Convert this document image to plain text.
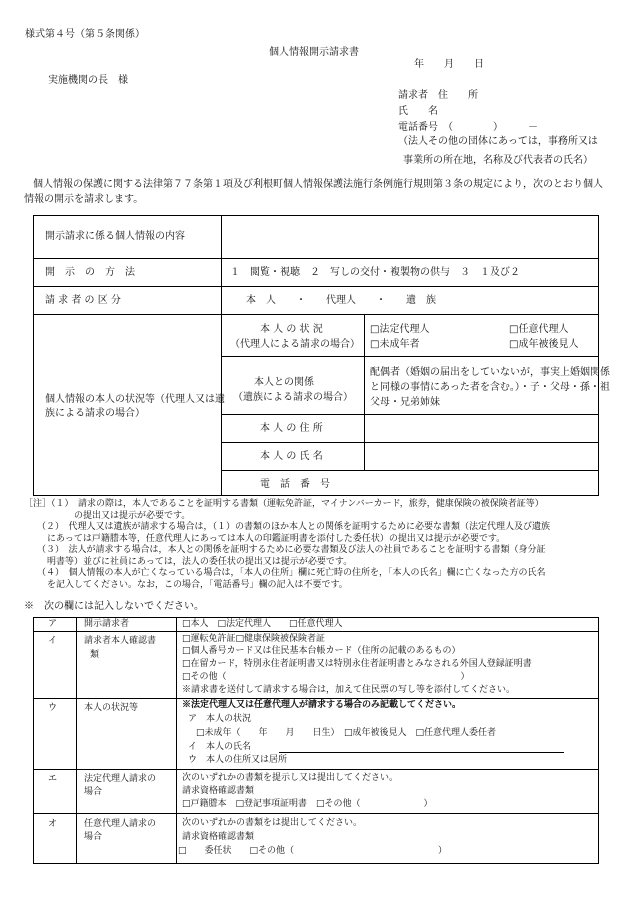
様式第４号（第５条関係）
個人情報開示請求書
年　　月　　日
実施機関の長　様
請求者　住　　所
氏　　名
電話番号　（　　　　）　　　－
（法人その他の団体にあっては，事務所又は
事業所の所在地，名称及び代表者の氏名）
個人情報の保護に関する法律第７７条第１項及び利根町個人情報保護法施行条例施行規則第３条の規定により，次のとおり個人
情報の開示を請求します。
開示請求に係る個人情報の内容
開　示　の　方　法	１　閲覧・視聴　２　写しの交付・複製物の供与　３　１及び２
請 求 者 の 区 分	本　人　　・　　代理人　　・　　遺　族
個人情報の本人の状況等（代理人又は遺
族による請求の場合）
本 人 の 状 況
（代理人による請求の場合）
□法定代理人	□任意代理人
□未成年者	□成年被後見人
本人との関係
（遺族による請求の場合）
配偶者（婚姻の届出をしていないが，事実上婚姻関係
と同様の事情にあった者を含む。）・子・父母・孫・祖
父母・兄弟姉妹
本 人 の 住 所
本 人 の 氏 名
電　話　番　号
［注］（１）　請求の際は，本人であることを証明する書類（運転免許証，マイナンバーカード，旅券，健康保険の被保険者証等）
の提出又は提示が必要です。
（２）　代理人又は遺族が請求する場合は，（１）の書類のほか本人との関係を証明するために必要な書類（法定代理人及び遺族
にあっては戸籍謄本等，任意代理人にあっては本人の印鑑証明書を添付した委任状）の提出又は提示が必要です。
（３）　法人が請求する場合は，本人との関係を証明するために必要な書類及び法人の社員であることを証明する書類（身分証
明書等）並びに社員にあっては，法人の委任状の提出又は提示が必要です。
（４）　個人情報の本人が亡くなっている場合は，「本人の住所」欄に死亡時の住所を，「本人の氏名」欄に亡くなった方の氏名
を記入してください。なお，この場合，「電話番号」欄の記入は不要です。
※　次の欄には記入しないでください。
ア	開示請求者	□本人　□法定代理人　　□任意代理人
イ	請求者本人確認書
類
□運転免許証□健康保険被保険者証
□個人番号カード又は住民基本台帳カード（住所の記載のあるもの）
□在留カード，特別永住者証明書又は特別永住者証明書とみなされる外国人登録証明書
□その他（　　　　　　　　　　　　　　　　　　　　　　　　　　）
※請求書を送付して請求する場合は，加えて住民票の写し等を添付してください。
ウ	本人の状況等	※法定代理人又は任意代理人が請求する場合のみ記載してください。
ア　本人の状況
□未成年（　　年　　月　　日生）　□成年被後見人　□任意代理人委任者
イ　本人の氏名
ウ　本人の住所又は居所
エ	法定代理人請求の
場合
次のいずれかの書類を提示し又は提出してください。
請求資格確認書類
□戸籍謄本　□登記事項証明書　□その他（　　　　　　　）
オ	任意代理人請求の
場合
次のいずれかの書類をは提出してください。
請求資格確認書類
□　　委任状　　□その他（　　　　　　　　　　　　　　　　）
